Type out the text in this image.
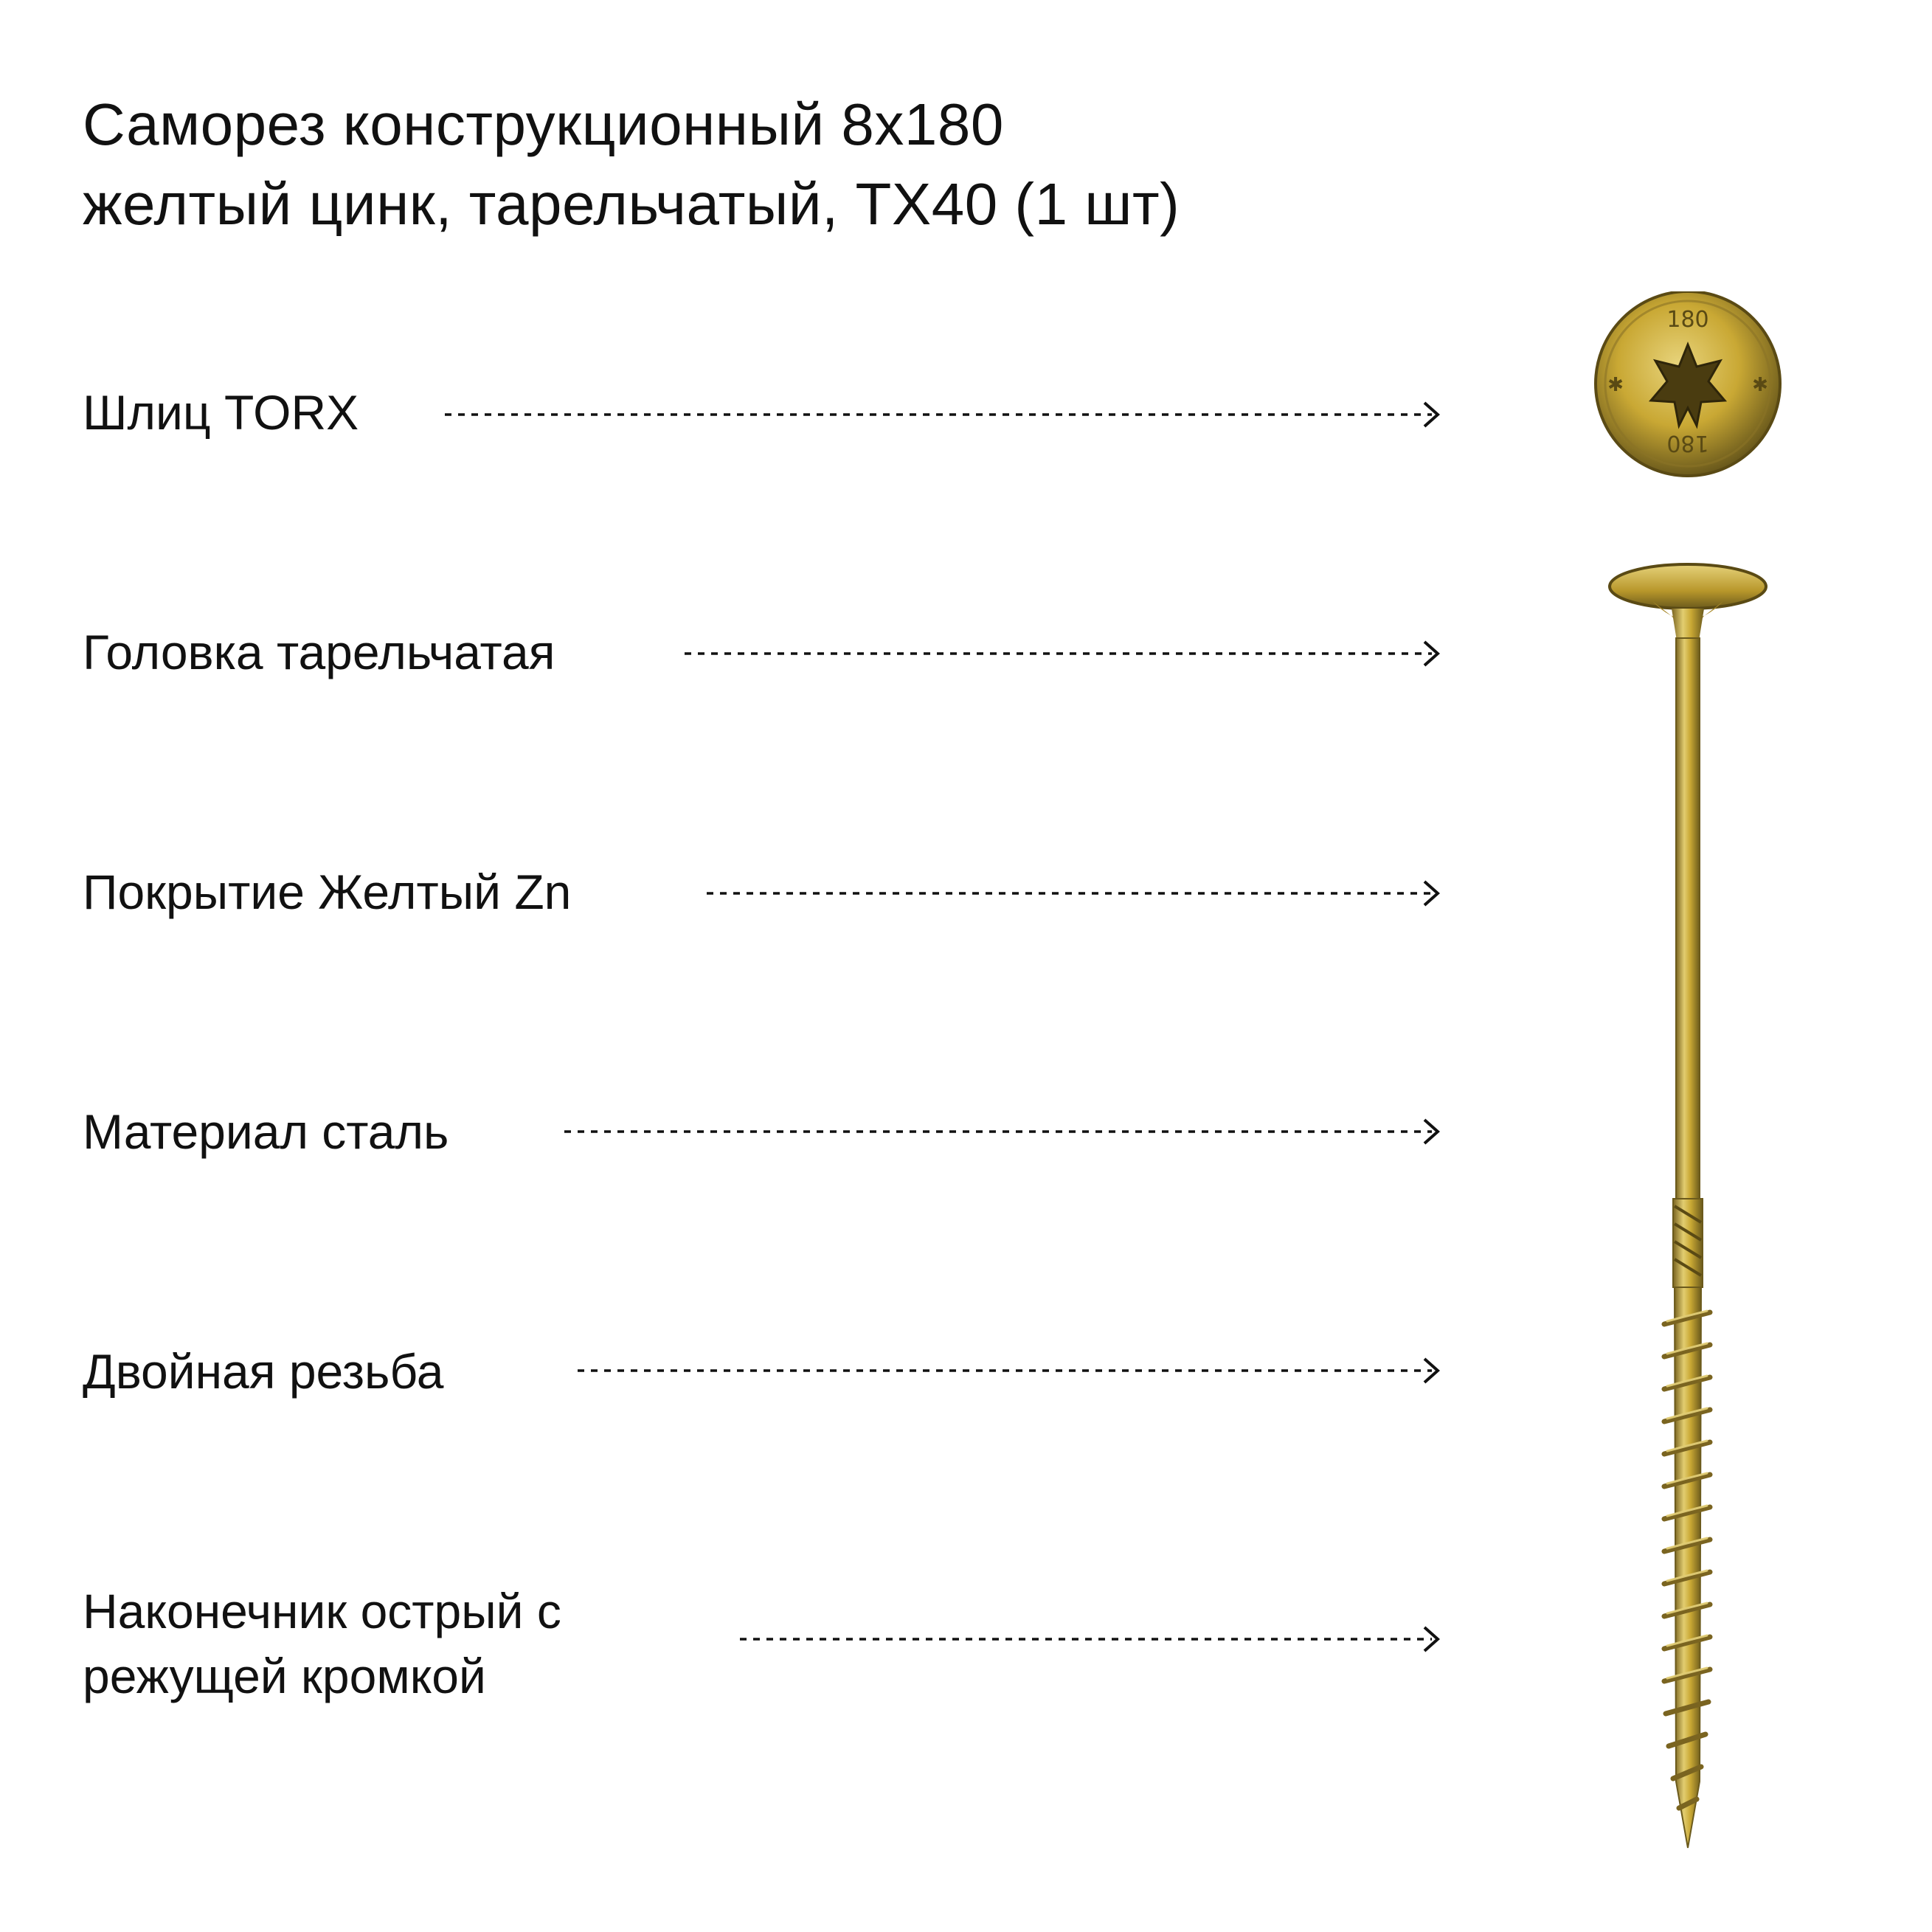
Саморез конструкционный 8х180
желтый цинк, тарельчатый, ТХ40 (1 шт)
Шлиц TORX
Головка тарельчатая
Покрытие Желтый Zn
Материал сталь
Двойная резьба
Наконечник острый с
режущей кромкой
180
180
✱	✱
